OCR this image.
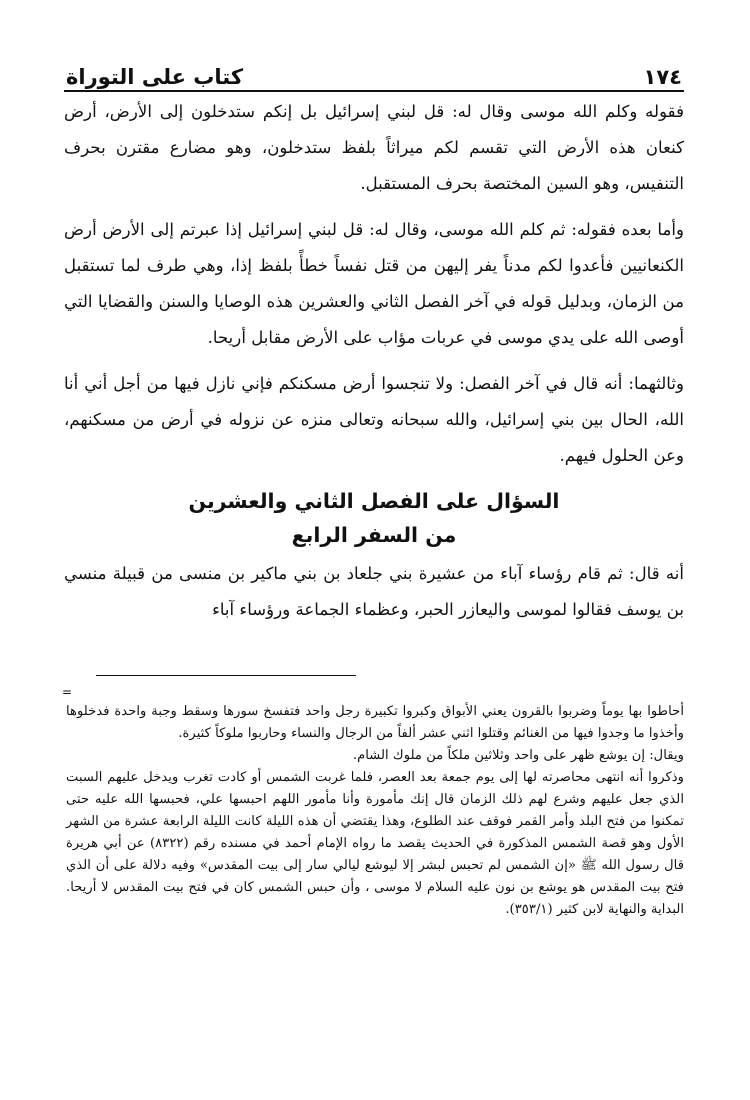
١٧٤
كتاب على التوراة

فقوله وكلم الله موسى وقال له: قل لبني إسرائيل بل إنكم ستدخلون إلى الأرض، أرض كنعان هذه الأرض التي تقسم لكم ميراثاً بلفظ ستدخلون، وهو مضارع مقترن بحرف التنفيس، وهو السين المختصة بحرف المستقبل.

وأما بعده فقوله: ثم كلم الله موسى، وقال له: قل لبني إسرائيل إذا عبرتم إلى الأرض أرض الكنعانيين فأعدوا لكم مدناً يفر إليهن من قتل نفساً خطأً بلفظ إذا، وهي طرف لما تستقبل من الزمان، وبدليل قوله في آخر الفصل الثاني والعشرين هذه الوصايا والسنن والقضايا التي أوصى الله على يدي موسى في عربات مؤاب على الأرض مقابل أريحا.

وثالثهما: أنه قال في آخر الفصل: ولا تنجسوا أرض مسكنكم فإني نازل فيها من أجل أني أنا الله، الحال بين بني إسرائيل، والله سبحانه وتعالى منزه عن نزوله في أرض من مسكنهم، وعن الحلول فيهم.

السؤال على الفصل الثاني والعشرين
من السفر الرابع

أنه قال: ثم قام رؤساء آباء من عشيرة بني جلعاد بن بني ماكير بن منسى من قبيلة منسي بن يوسف فقالوا لموسى واليعازر الحبر، وعظماء الجماعة ورؤساء آباء

=

أحاطوا بها يوماً وضربوا بالقرون يعني الأبواق وكبروا تكبيرة رجل واحد فتفسخ سورها وسقط وجبة واحدة فدخلوها وأخذوا ما وجدوا فيها من الغنائم وقتلوا اثني عشر ألفاً من الرجال والنساء وحاربوا ملوكاً كثيرة.

ويقال: إن يوشع ظهر على واحد وثلاثين ملكاً من ملوك الشام.

وذكروا أنه انتهى محاصرته لها إلى يوم جمعة بعد العصر، فلما غربت الشمس أو كادت تغرب ويدخل عليهم السبت الذي جعل عليهم وشرع لهم ذلك الزمان قال إنك مأمورة وأنا مأمور اللهم احبسها علي، فحبسها الله عليه حتى تمكنوا من فتح البلد وأمر القمر فوقف عند الطلوع، وهذا يقتضي أن هذه الليلة كانت الليلة الرابعة عشرة من الشهر الأول وهو قصة الشمس المذكورة في الحديث يقصد ما رواه الإمام أحمد في مسنده رقم (٨٣٢٢) عن أبي هريرة قال رسول الله ﷺ «إن الشمس لم تحبس لبشر إلا ليوشع ليالي سار إلى بيت المقدس» وفيه دلالة على أن الذي فتح بيت المقدس هو يوشع بن نون عليه السلام لا موسى ، وأن حبس الشمس كان في فتح بيت المقدس لا أريحا. البداية والنهاية لابن كثير (٣٥٣/١).
